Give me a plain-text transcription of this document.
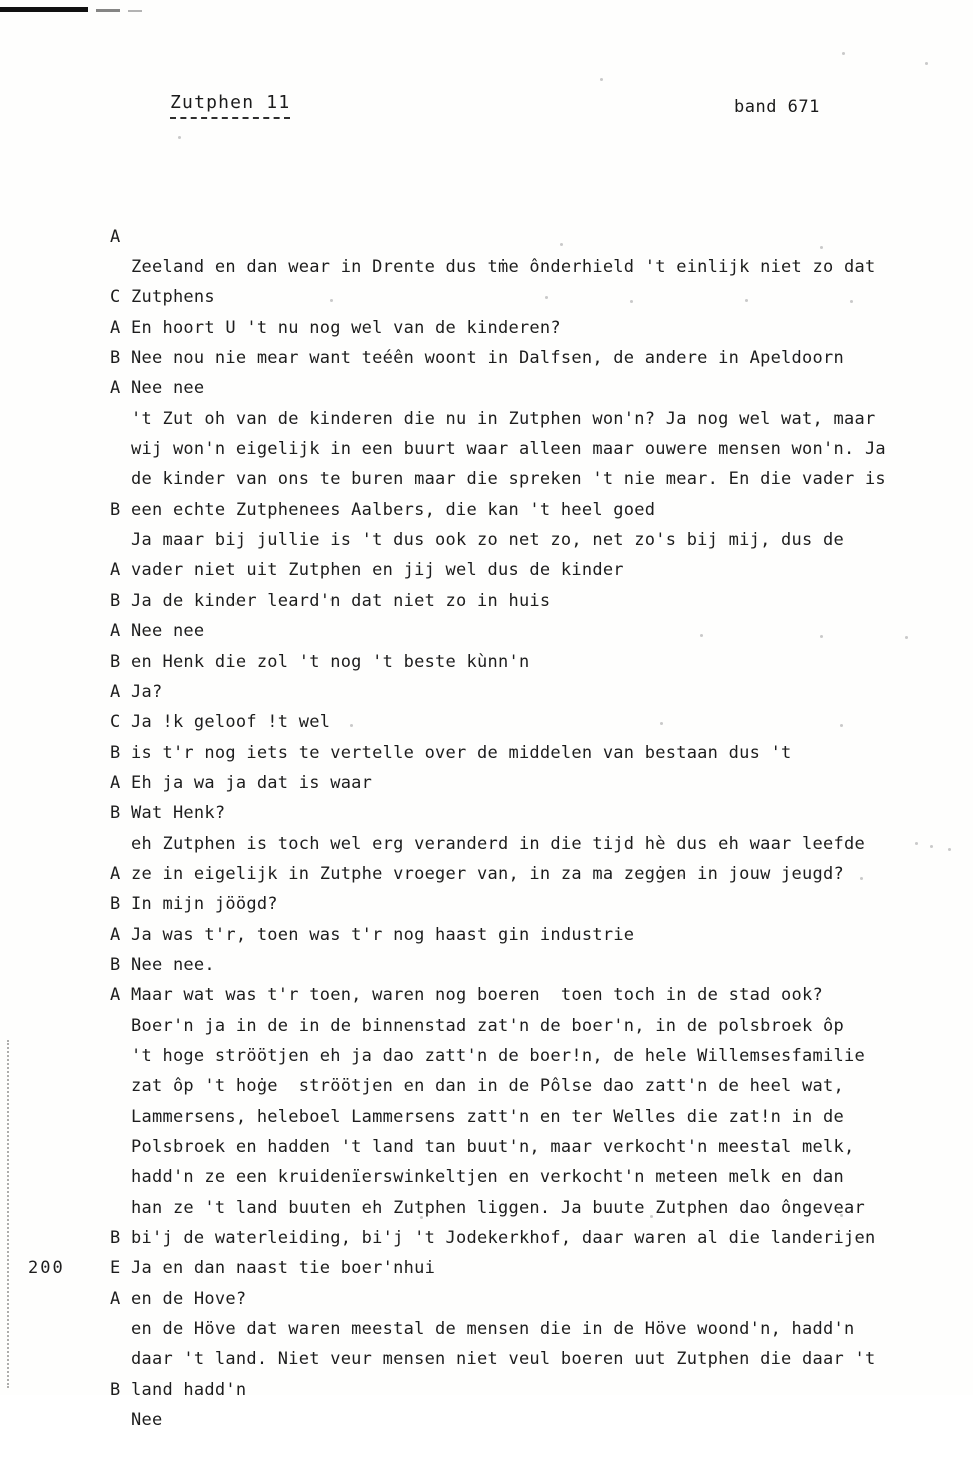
Zutphen 11	band 671

A

Zeeland en dan wear in Drente dus tṁe ônderhield 't einlijk niet zo dat

Zutphens

C

En hoort U 't nu nog wel van de kinderen?

A

Nee nou nie mear want teéên woont in Dalfsen, de andere in Apeldoorn

B

Nee nee

A

't Zut oh van de kinderen die nu in Zutphen won'n? Ja nog wel wat, maar

wij won'n eigelijk in een buurt waar alleen maar ouwere mensen won'n. Ja

de kinder van ons te buren maar die spreken 't nie mear. En die vader is

een echte Zutphenees Aalbers, die kan 't heel goed

B

Ja maar bij jullie is 't dus ook zo net zo, net zo's bij mij, dus de

vader niet uit Zutphen en jij wel dus de kinder

A

Ja de kinder leard'n dat niet zo in huis

B

Nee nee

A

en Henk die zol 't nog 't beste kùnn'n

B

Ja?

A

Ja !k geloof !t wel

C

is t'r nog iets te vertelle over de middelen van bestaan dus 't

B

Eh ja wa ja dat is waar

A

Wat Henk?

B

eh Zutphen is toch wel erg veranderd in die tijd hè dus eh waar leefde

ze in eigelijk in Zutphe vroeger van, in za ma zegġen in jouw jeugd?

A

In mijn jöögd?

B

Ja was t'r, toen was t'r nog haast gin industrie

A

Nee nee.

B

Maar wat was t'r toen, waren nog boeren  toen toch in de stad ook?

A

Boer'n ja in de in de binnenstad zat'n de boer'n, in de polsbroek ôp

't hoge ströötjen eh ja dao zatt'n de boer!n, de hele Willemsesfamilie

zat ôp 't hoġe  ströötjen en dan in de Pôlse dao zatt'n de heel wat,

Lammersens, heleboel Lammersens zatt'n en ter Welles die zat!n in de

Polsbroek en hadden 't land tan buut'n, maar verkocht'n meestal melk,

hadd'n ze een kruidenïerswinkeltjen en verkocht'n meteen melk en dan

han ze 't land buuten eh Zutphen liggen. Ja buute Zutphen dao ôngevear

bi'j de waterleiding, bi'j 't Jodekerkhof, daar waren al die landerijen

B

Ja en dan naast tie boer'nhui

E

en de Hove?

200

A

en de Höve dat waren meestal de mensen die in de Höve woond'n, hadd'n

daar 't land. Niet veur mensen niet veul boeren uut Zutphen die daar 't

land hadd'n

B

Nee
